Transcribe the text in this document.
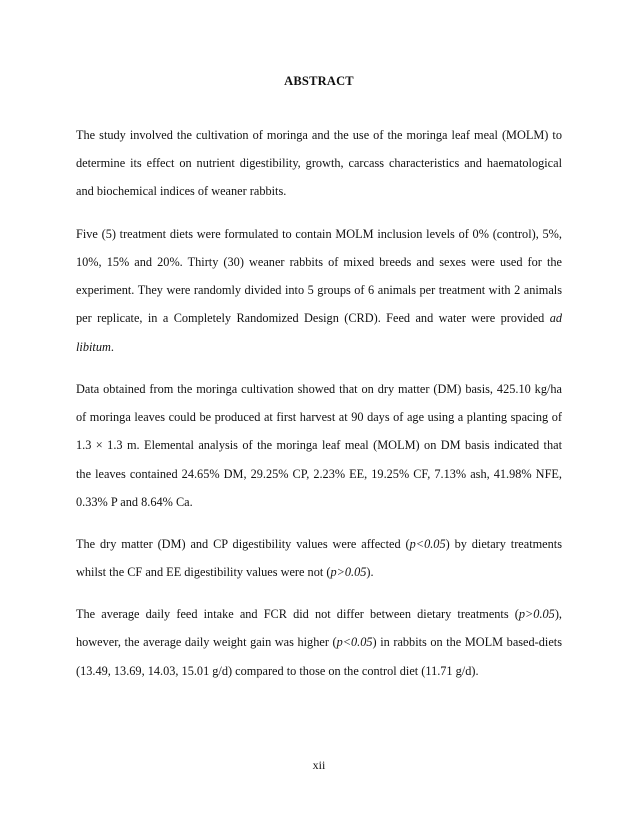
ABSTRACT
The study involved the cultivation of moringa and the use of the moringa leaf meal (MOLM) to
determine its effect on nutrient digestibility, growth, carcass characteristics and haematological
and biochemical indices of weaner rabbits.
Five (5) treatment diets were formulated to contain MOLM inclusion levels of 0% (control), 5%,
10%, 15% and 20%. Thirty (30) weaner rabbits of mixed breeds and sexes were used for the
experiment. They were randomly divided into 5 groups of 6 animals per treatment with 2 animals
per replicate, in a Completely Randomized Design (CRD). Feed and water were provided ad
libitum.
Data obtained from the moringa cultivation showed that on dry matter (DM) basis, 425.10 kg/ha
of moringa leaves could be produced at first harvest at 90 days of age using a planting spacing of
1.3 × 1.3 m. Elemental analysis of the moringa leaf meal (MOLM) on DM basis indicated that
the leaves contained 24.65% DM, 29.25% CP, 2.23% EE, 19.25% CF, 7.13% ash, 41.98% NFE,
0.33% P and 8.64% Ca.
The dry matter (DM) and CP digestibility values were affected (p<0.05) by dietary treatments
whilst the CF and EE digestibility values were not (p>0.05).
The average daily feed intake and FCR did not differ between dietary treatments (p>0.05),
however, the average daily weight gain was higher (p<0.05) in rabbits on the MOLM based-diets
(13.49, 13.69, 14.03, 15.01 g/d) compared to those on the control diet (11.71 g/d).
xii
